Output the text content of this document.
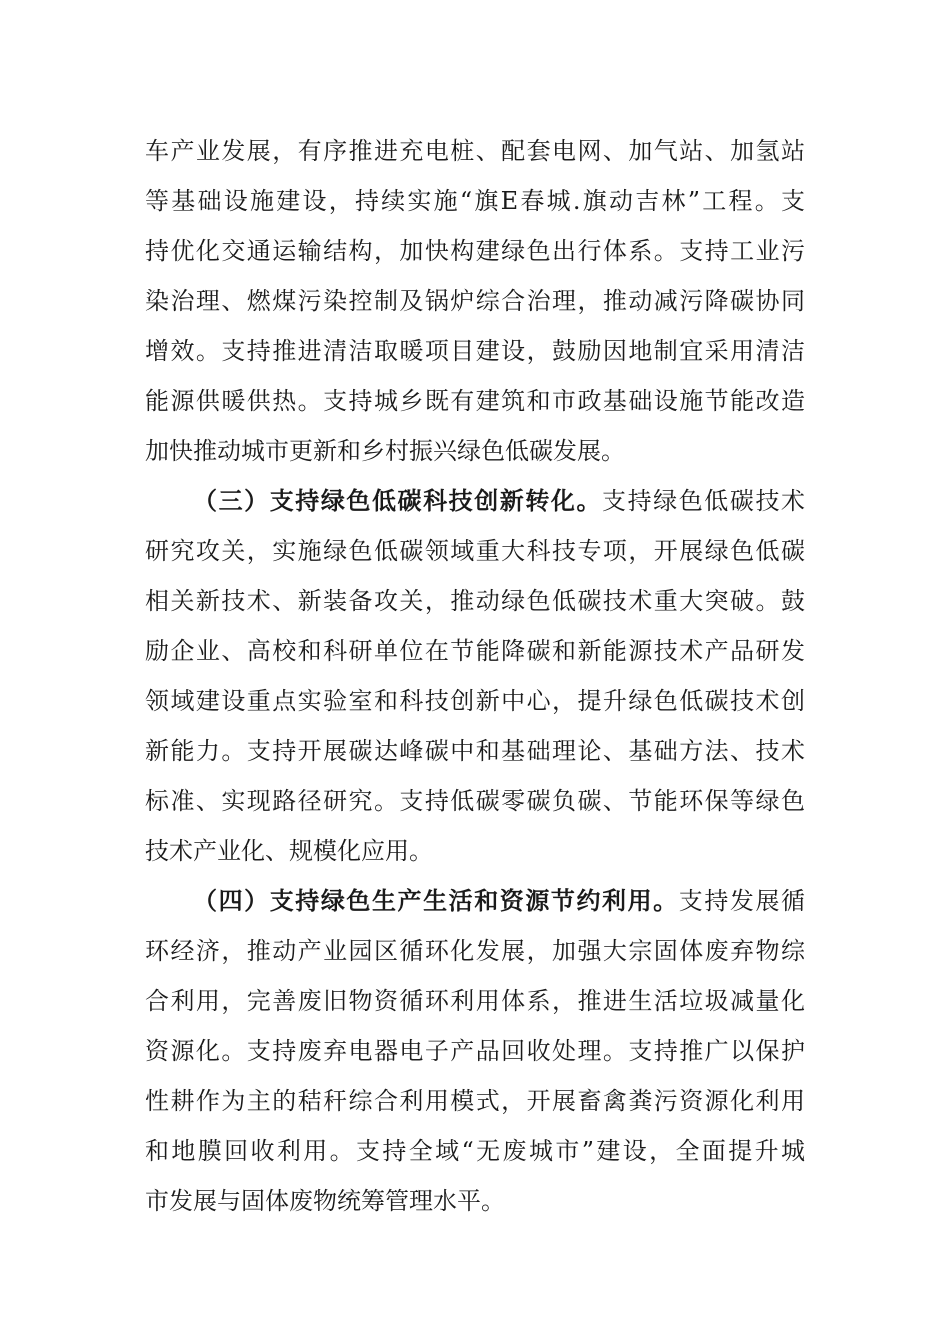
车产业发展，有序推进充电桩、配套电网、加气站、加氢站
等基础设施建设，持续实施“旗E春城.旗动吉林”工程。支
持优化交通运输结构，加快构建绿色出行体系。支持工业污
染治理、燃煤污染控制及锅炉综合治理，推动减污降碳协同
增效。支持推进清洁取暖项目建设，鼓励因地制宜采用清洁
能源供暖供热。支持城乡既有建筑和市政基础设施节能改造
加快推动城市更新和乡村振兴绿色低碳发展。
（三）支持绿色低碳科技创新转化。支持绿色低碳技术
研究攻关，实施绿色低碳领域重大科技专项，开展绿色低碳
相关新技术、新装备攻关，推动绿色低碳技术重大突破。鼓
励企业、高校和科研单位在节能降碳和新能源技术产品研发
领域建设重点实验室和科技创新中心，提升绿色低碳技术创
新能力。支持开展碳达峰碳中和基础理论、基础方法、技术
标准、实现路径研究。支持低碳零碳负碳、节能环保等绿色
技术产业化、规模化应用。
（四）支持绿色生产生活和资源节约利用。支持发展循
环经济，推动产业园区循环化发展，加强大宗固体废弃物综
合利用，完善废旧物资循环利用体系，推进生活垃圾减量化
资源化。支持废弃电器电子产品回收处理。支持推广以保护
性耕作为主的秸秆综合利用模式，开展畜禽粪污资源化利用
和地膜回收利用。支持全域“无废城市”建设，全面提升城
市发展与固体废物统筹管理水平。
